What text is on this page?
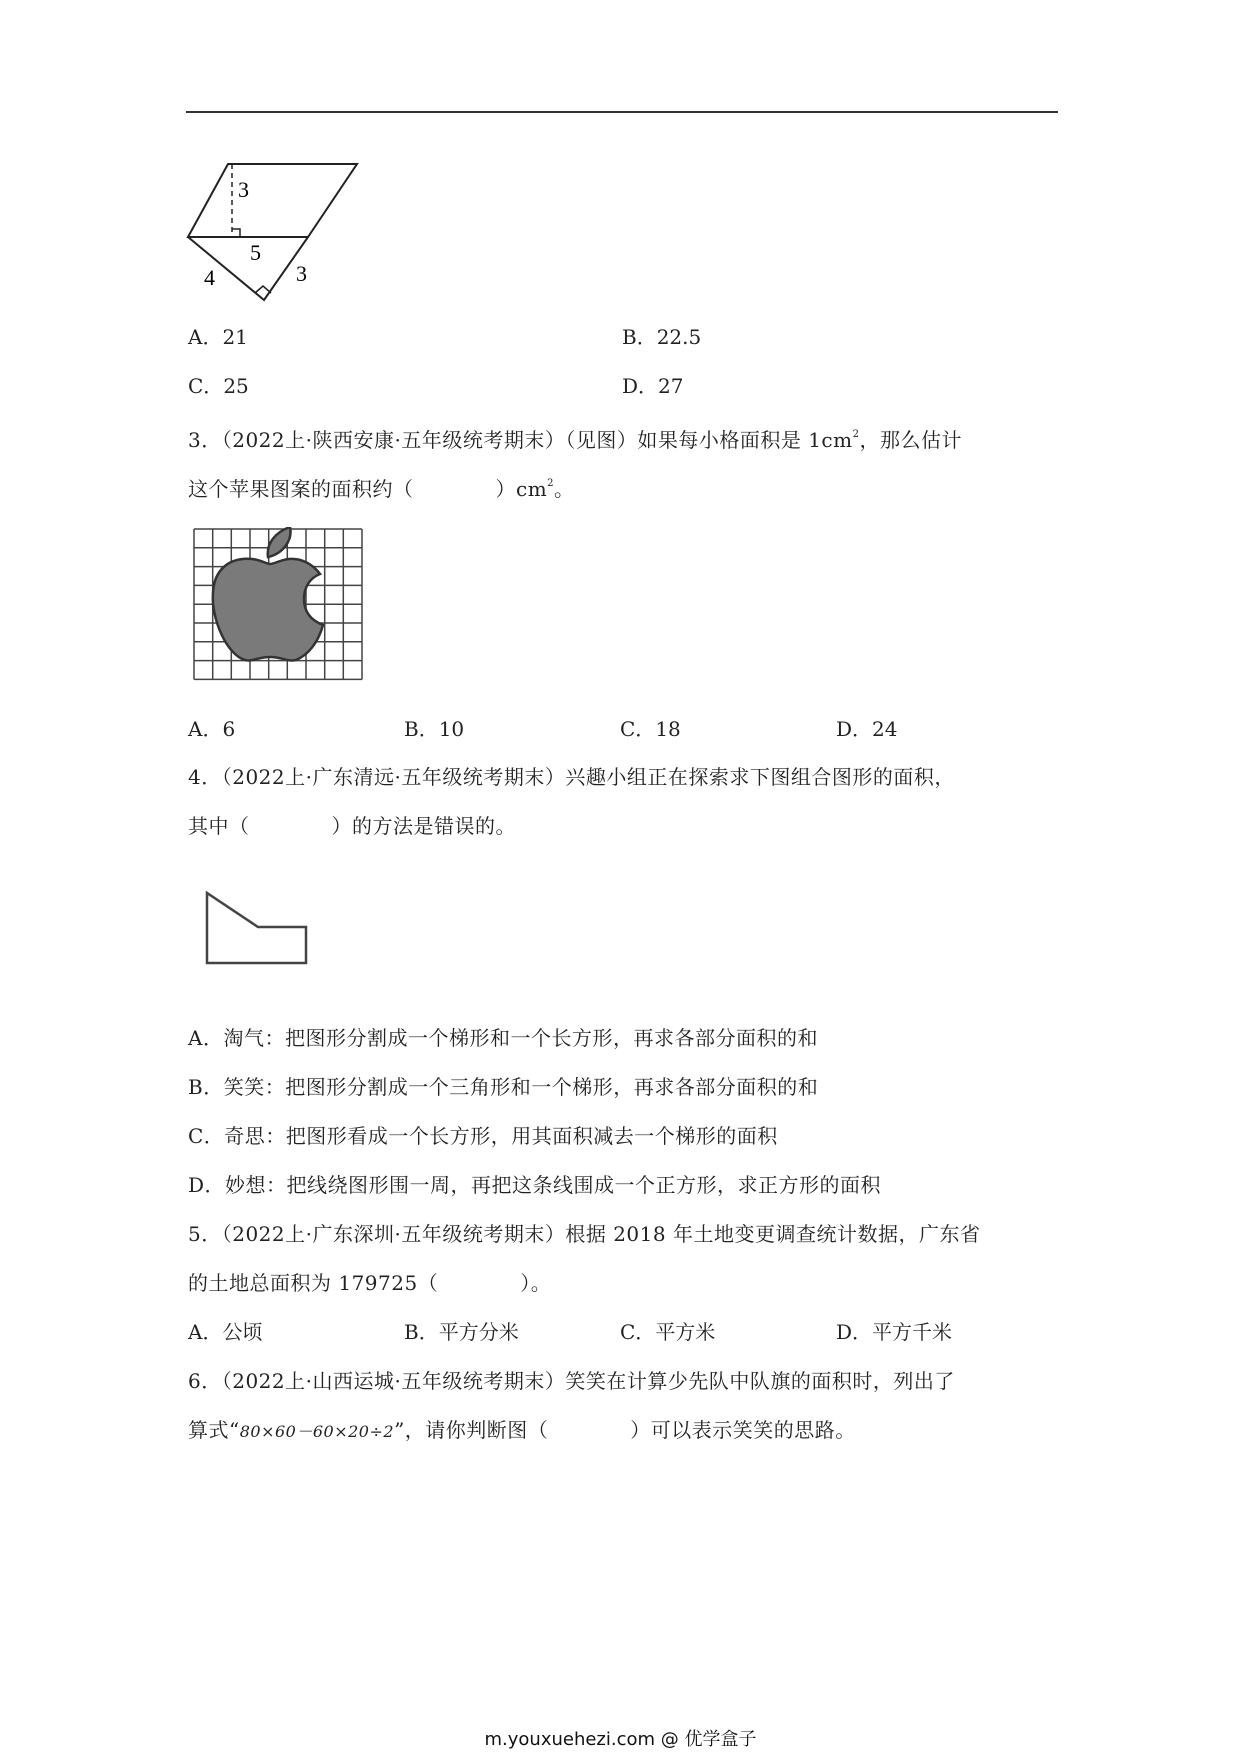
3
5
4	3
A．21	B．22.5
C．25	D．27
3．（2022上·陕西安康·五年级统考期末）（见图）如果每小格面积是 $1cm^2$，那么估计
这个苹果图案的面积约（　　　　）$cm^2$。
A．6	B．10	C．18	D．24
4．（2022上·广东清远·五年级统考期末）兴趣小组正在探索求下图组合图形的面积，
其中（　　　　）的方法是错误的。
A．淘气：把图形分割成一个梯形和一个长方形，再求各部分面积的和
B．笑笑：把图形分割成一个三角形和一个梯形，再求各部分面积的和
C．奇思：把图形看成一个长方形，用其面积减去一个梯形的面积
D．妙想：把线绕图形围一周，再把这条线围成一个正方形，求正方形的面积
5．（2022上·广东深圳·五年级统考期末）根据 2018 年土地变更调查统计数据，广东省
的土地总面积为 179725（　　　　）。
A．公顷	B．平方分米	C．平方米	D．平方千米
6．（2022上·山西运城·五年级统考期末）笑笑在计算少先队中队旗的面积时，列出了
算式“80×60－60×20÷2”，请你判断图（　　　　）可以表示笑笑的思路。
m.youxuehezi.com @ 优学盒子
